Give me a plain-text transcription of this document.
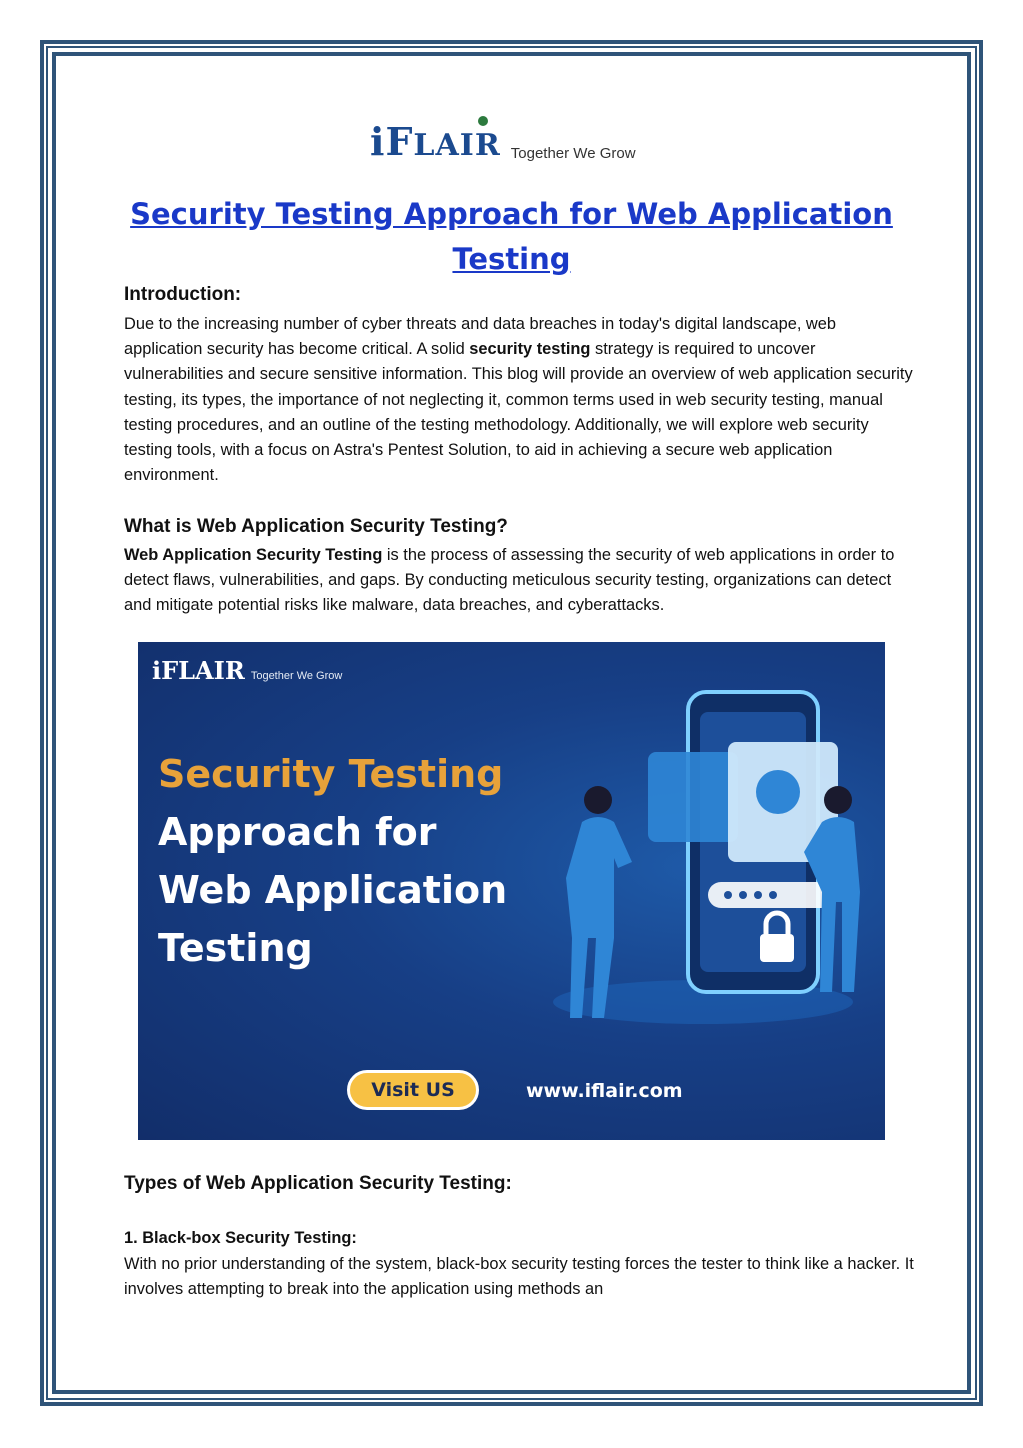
iFLAIR Together We Grow
Security Testing Approach for Web Application Testing
Introduction:
Due to the increasing number of cyber threats and data breaches in today's digital landscape, web application security has become critical. A solid security testing strategy is required to uncover vulnerabilities and secure sensitive information. This blog will provide an overview of web application security testing, its types, the importance of not neglecting it, common terms used in web security testing, manual testing procedures, and an outline of the testing methodology. Additionally, we will explore web security testing tools, with a focus on Astra's Pentest Solution, to aid in achieving a secure web application environment.
What is Web Application Security Testing?
Web Application Security Testing is the process of assessing the security of web applications in order to detect flaws, vulnerabilities, and gaps. By conducting meticulous security testing, organizations can detect and mitigate potential risks like malware, data breaches, and cyberattacks.
iFLAIR Together We Grow
Security Testing
Approach for
Web Application
Testing
Visit US	www.iflair.com
Types of Web Application Security Testing:
1. Black-box Security Testing:
With no prior understanding of the system, black-box security testing forces the tester to think like a hacker. It involves attempting to break into the application using methods an
